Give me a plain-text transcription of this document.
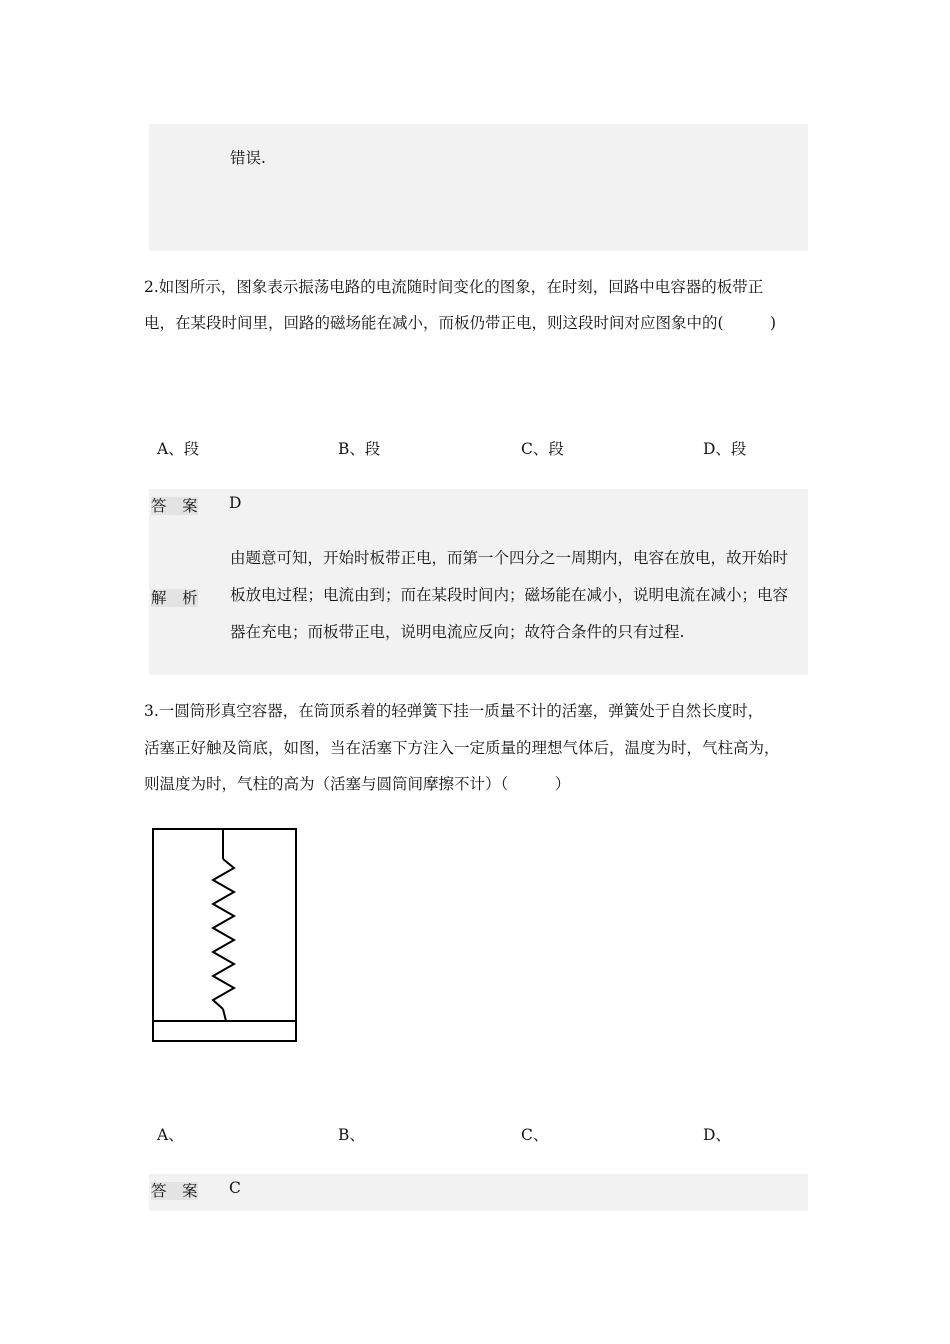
错误.
2.如图所示，图象表示振荡电路的电流随时间变化的图象，在时刻，回路中电容器的板带正
电，在某段时间里，回路的磁场能在减小，而板仍带正电，则这段时间对应图象中的(　　　)
A、段	B、段	C、段	D、段
答　案 D
解　析
由题意可知，开始时板带正电，而第一个四分之一周期内，电容在放电，故开始时
板放电过程；电流由到；而在某段时间内；磁场能在减小，说明电流在减小；电容
器在充电；而板带正电，说明电流应反向；故符合条件的只有过程.
3.一圆筒形真空容器，在筒顶系着的轻弹簧下挂一质量不计的活塞，弹簧处于自然长度时，
活塞正好触及筒底，如图，当在活塞下方注入一定质量的理想气体后，温度为时，气柱高为，
则温度为时，气柱的高为（活塞与圆筒间摩擦不计）（　　　）
A、	B、	C、	D、
答　案 C
